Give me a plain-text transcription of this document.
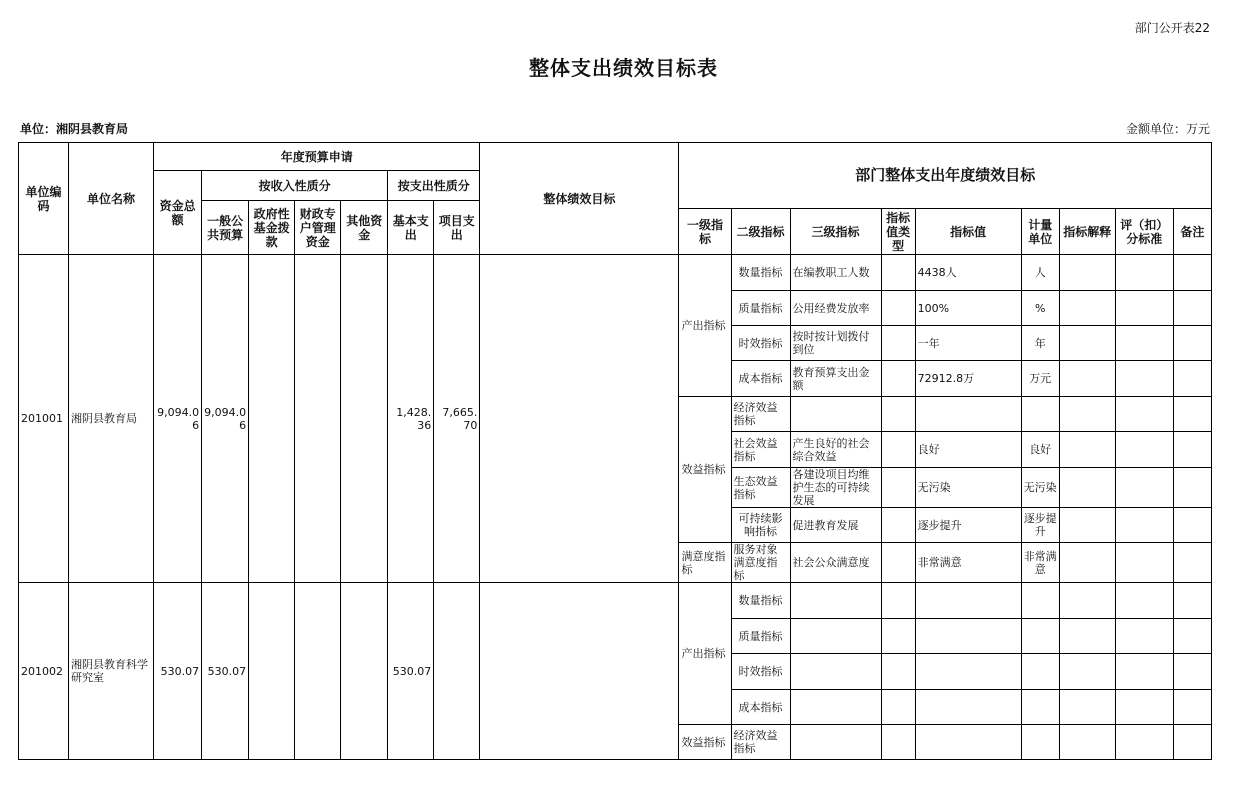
部门公开表22
整体支出绩效目标表
单位：湘阴县教育局	金额单位：万元
单位编码	单位名称	年度预算申请							整体绩效目标	部门整体支出年度绩效目标								
		资金总额	按收入性质分				按支出性质分											
			一般公共预算	政府性基金拨款	财政专户管理资金	其他资金	基本支出	项目支出										
										一级指标	二级指标	三级指标	指标值类型	指标值	计量单位	指标解释	评（扣）分标准	备注
201001	湘阴县教育局	9,094.06	9,094.06				1,428.36	7,665.70		产出指标	数量指标	在编教职工人数		4438人	人			
											质量指标	公用经费发放率		100%	%			
											时效指标	按时按计划拨付到位		一年	年			
											成本指标	教育预算支出金额		72912.8万	万元			
										效益指标	经济效益指标							
											社会效益指标	产生良好的社会综合效益		良好	良好			
											生态效益指标	各建设项目均维护生态的可持续发展		无污染	无污染			
											可持续影响指标	促进教育发展		逐步提升	逐步提升			
										满意度指标	服务对象满意度指标	社会公众满意度		非常满意	非常满意			
201002	湘阴县教育科学研究室	530.07	530.07				530.07			产出指标	数量指标							
											质量指标							
											时效指标							
											成本指标							
										效益指标	经济效益指标							
